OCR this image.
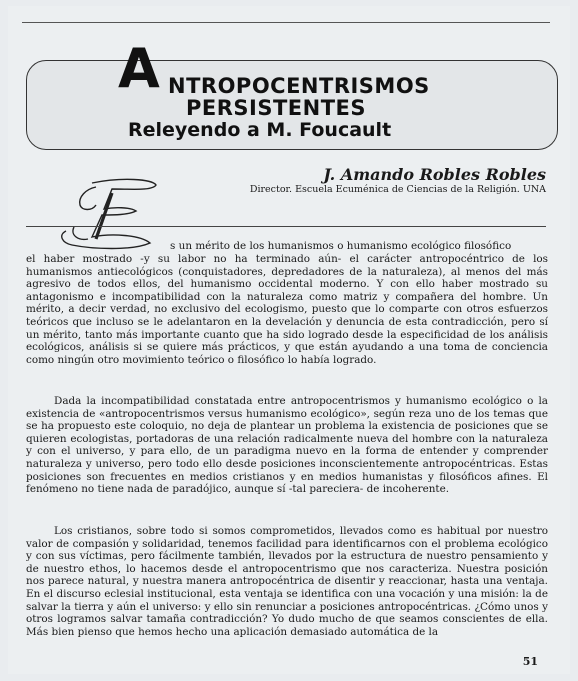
A NTROPOCENTRISMOS
PERSISTENTES
Releyendo a M. Foucault
J. Amando Robles Robles
Director. Escuela Ecuménica de Ciencias de la Religión. UNA
s un mérito de los humanismos o humanismo ecológico filosófico
el haber mostrado -y su labor no ha terminado aún- el carácter antropocéntrico de los humanismos antiecológicos (conquistadores, depredadores de la naturaleza), al menos del más agresivo de todos ellos, del humanismo occidental moderno. Y con ello haber mostrado su antagonismo e incompatibilidad con la naturaleza como matriz y compañera del hombre. Un mérito, a decir verdad, no exclusivo del ecologismo, puesto que lo comparte con otros esfuerzos teóricos que incluso se le adelantaron en la develación y denuncia de esta contradicción, pero sí un mérito, tanto más importante cuanto que ha sido logrado desde la especificidad de los análisis ecológicos, análisis si se quiere más prácticos, y que están ayudando a una toma de conciencia como ningún otro movimiento teórico o filosófico lo había logrado.
Dada la incompatibilidad constatada entre antropocentrismos y humanismo ecológico o la existencia de «antropocentrismos versus humanismo ecológico», según reza uno de los temas que se ha propuesto este coloquio, no deja de plantear un problema la existencia de posiciones que se quieren ecologistas, portadoras de una relación radicalmente nueva del hombre con la naturaleza y con el universo, y para ello, de un paradigma nuevo en la forma de entender y comprender naturaleza y universo, pero todo ello desde posiciones inconscientemente antropocéntricas. Estas posiciones son frecuentes en medios cristianos y en medios humanistas y filosóficos afines. El fenómeno no tiene nada de paradójico, aunque sí -tal pareciera- de incoherente.
Los cristianos, sobre todo si somos comprometidos, llevados como es habitual por nuestro valor de compasión y solidaridad, tenemos facilidad para identificarnos con el problema ecológico y con sus víctimas, pero fácilmente también, llevados por la estructura de nuestro pensamiento y de nuestro ethos, lo hacemos desde el antropocentrismo que nos caracteriza. Nuestra posición nos parece natural, y nuestra manera antropocéntrica de disentir y reaccionar, hasta una ventaja. En el discurso eclesial institucional, esta ventaja se identifica con una vocación y una misión: la de salvar la tierra y aún el universo: y ello sin renunciar a posiciones antropocéntricas. ¿Cómo unos y otros logramos salvar tamaña contradicción? Yo dudo mucho de que seamos conscientes de ella. Más bien pienso que hemos hecho una aplicación demasiado automática de la
51
